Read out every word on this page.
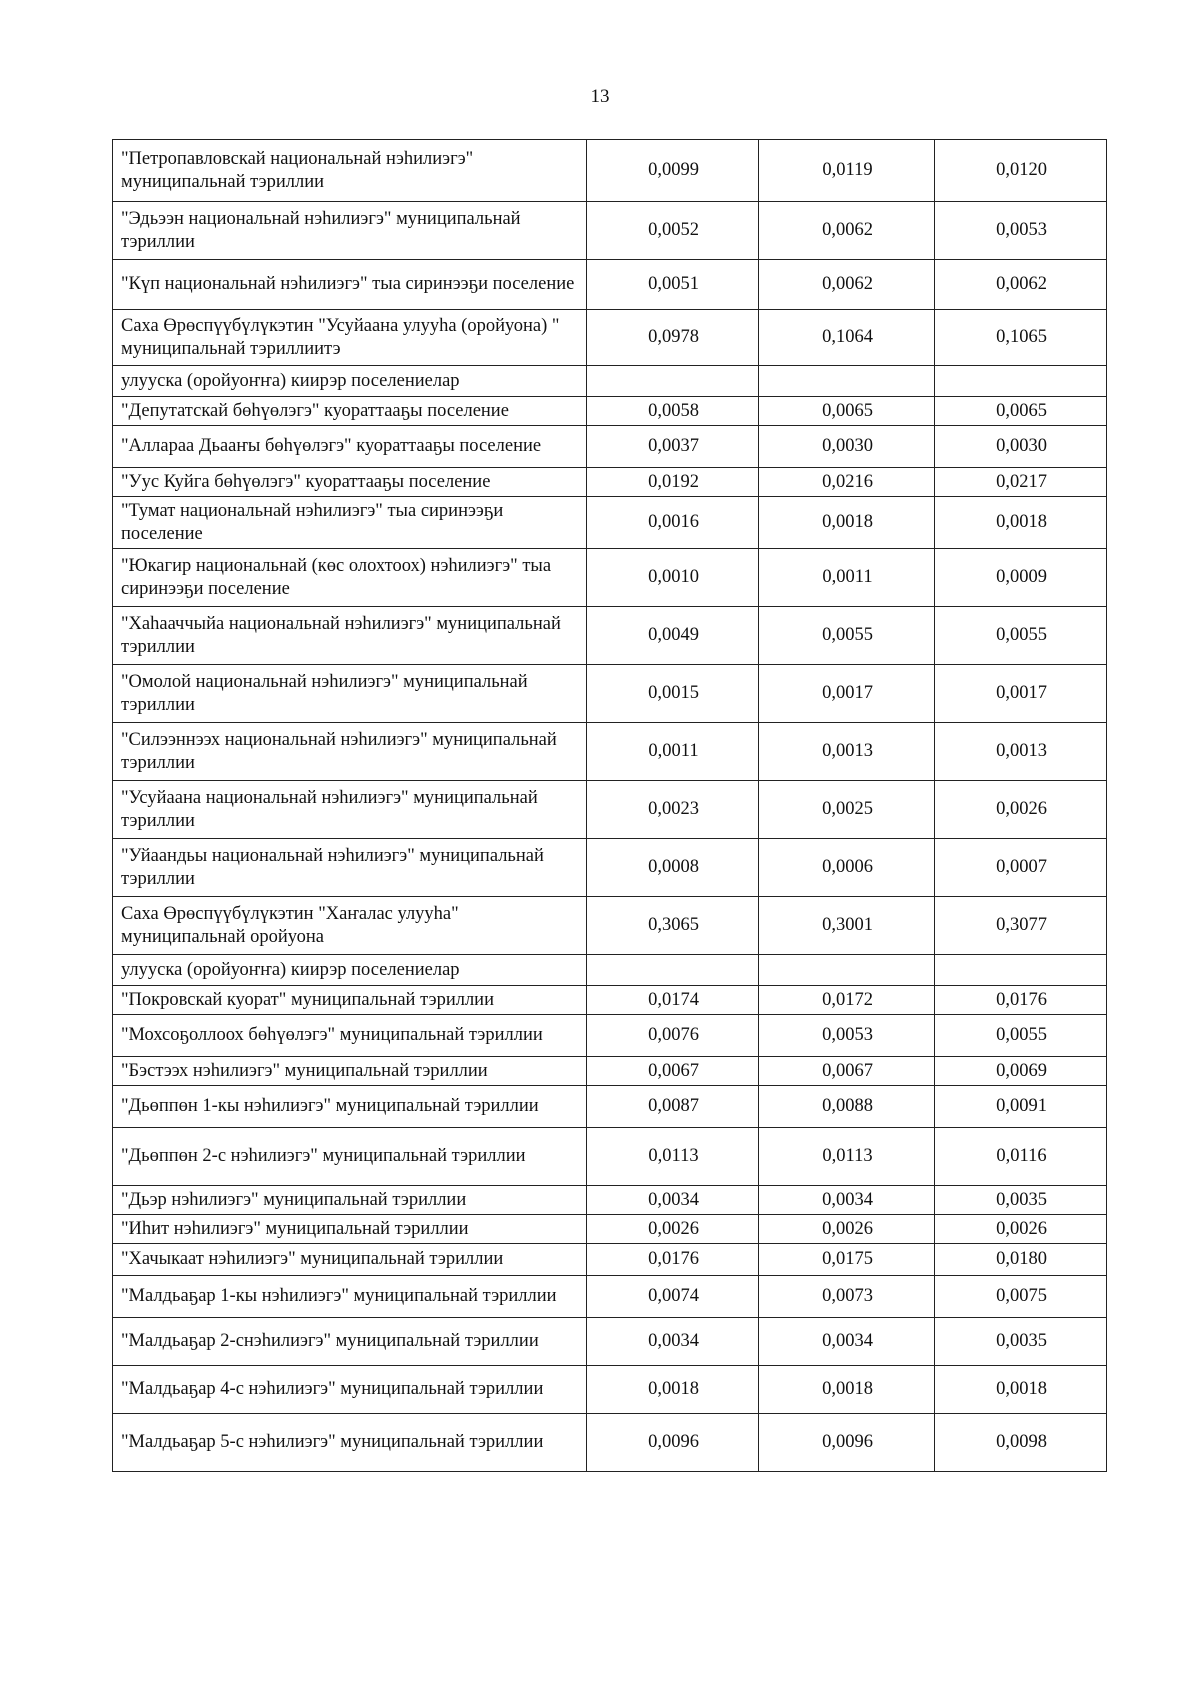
13
"Петропавловскай национальнай нэһилиэгэ" муниципальнай тэриллии	0,0099	0,0119	0,0120
"Эдьээн национальнай нэһилиэгэ" муниципальнай тэриллии	0,0052	0,0062	0,0053
"Күп национальнай нэһилиэгэ" тыа сиринээҕи поселение	0,0051	0,0062	0,0062
Саха Өрөспүүбүлүкэтин "Усуйаана улууһа (оройуона) " муниципальнай тэриллиитэ	0,0978	0,1064	0,1065
улууска (оройуоҥҥа) киирэр поселениелар			
"Депутатскай бөһүөлэгэ" куораттааҕы поселение	0,0058	0,0065	0,0065
"Аллараа Дьааҥы бөһүөлэгэ" куораттааҕы поселение	0,0037	0,0030	0,0030
"Уус Куйга бөһүөлэгэ" куораттааҕы поселение	0,0192	0,0216	0,0217
"Тумат национальнай нэһилиэгэ" тыа сиринээҕи поселение	0,0016	0,0018	0,0018
"Юкагир национальнай (көс олохтоох) нэһилиэгэ" тыа сиринээҕи поселение	0,0010	0,0011	0,0009
"Хаһааччыйа национальнай нэһилиэгэ" муниципальнай тэриллии	0,0049	0,0055	0,0055
"Омолой национальнай нэһилиэгэ" муниципальнай тэриллии	0,0015	0,0017	0,0017
"Силээннээх национальнай нэһилиэгэ" муниципальнай тэриллии	0,0011	0,0013	0,0013
"Усуйаана национальнай нэһилиэгэ" муниципальнай тэриллии	0,0023	0,0025	0,0026
"Уйаандьы национальнай нэһилиэгэ" муниципальнай тэриллии	0,0008	0,0006	0,0007
Саха Өрөспүүбүлүкэтин "Хаҥалас улууһа" муниципальнай оройуона	0,3065	0,3001	0,3077
улууска (оройуоҥҥа) киирэр поселениелар			
"Покровскай куорат" муниципальнай тэриллии	0,0174	0,0172	0,0176
"Мохсоҕоллоох бөһүөлэгэ" муниципальнай тэриллии	0,0076	0,0053	0,0055
"Бэстээх нэһилиэгэ" муниципальнай тэриллии	0,0067	0,0067	0,0069
"Дьөппөн 1-кы нэһилиэгэ" муниципальнай тэриллии	0,0087	0,0088	0,0091
"Дьөппөн 2-с нэһилиэгэ" муниципальнай тэриллии	0,0113	0,0113	0,0116
"Дьэр нэһилиэгэ" муниципальнай тэриллии	0,0034	0,0034	0,0035
"Иһит нэһилиэгэ" муниципальнай тэриллии	0,0026	0,0026	0,0026
"Хачыкаат нэһилиэгэ" муниципальнай тэриллии	0,0176	0,0175	0,0180
"Малдьаҕар 1-кы нэһилиэгэ" муниципальнай тэриллии	0,0074	0,0073	0,0075
"Малдьаҕар 2-снэһилиэгэ" муниципальнай тэриллии	0,0034	0,0034	0,0035
"Малдьаҕар 4-с нэһилиэгэ" муниципальнай тэриллии	0,0018	0,0018	0,0018
"Малдьаҕар 5-с нэһилиэгэ" муниципальнай тэриллии	0,0096	0,0096	0,0098
